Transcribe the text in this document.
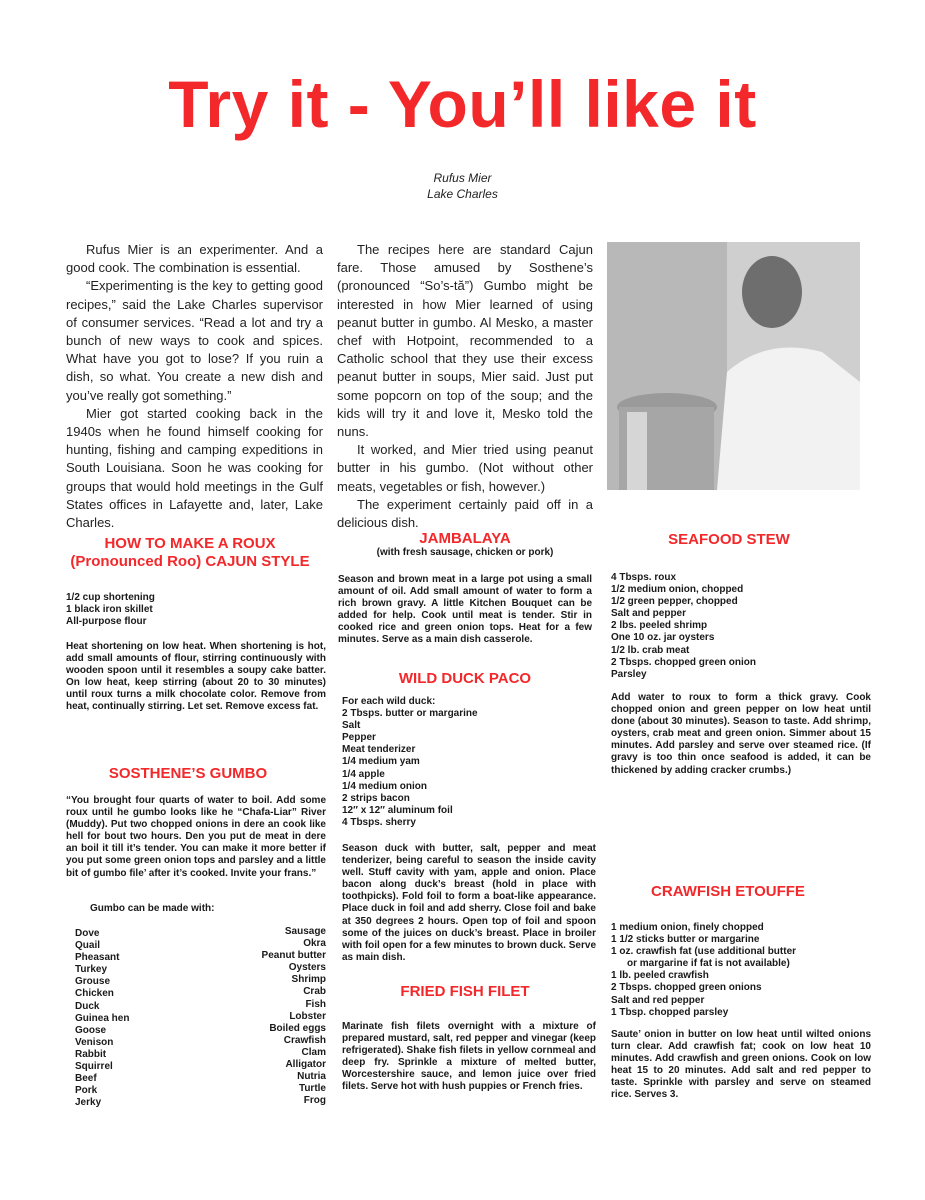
Try it - You’ll like it
Rufus Mier
Lake Charles

Rufus Mier is an experimenter. And a good cook. The combination is essential.

“Experimenting is the key to getting good recipes,” said the Lake Charles supervisor of consumer services. “Read a lot and try a bunch of new ways to cook and spices. What have you got to lose? If you ruin a dish, so what. You create a new dish and you’ve really got something.”

Mier got started cooking back in the 1940s when he found himself cooking for hunting, fishing and camping expeditions in South Louisiana. Soon he was cooking for groups that would hold meetings in the Gulf States offices in Lafayette and, later, Lake Charles.

The recipes here are standard Cajun fare. Those amused by Sosthene’s (pronounced “So’s-tă”) Gumbo might be interested in how Mier learned of using peanut butter in gumbo. Al Mesko, a master chef with Hotpoint, recommended to a Catholic school that they use their excess peanut butter in soups, Mier said. Just put some popcorn on top of the soup; and the kids will try it and love it, Mesko told the nuns.

It worked, and Mier tried using peanut butter in his gumbo. (Not without other meats, vegetables or fish, however.)

The experiment certainly paid off in a delicious dish.

HOW TO MAKE A ROUX
(Pronounced Roo) CAJUN STYLE
1/2 cup shortening
1 black iron skillet
All-purpose flour
Heat shortening on low heat. When shortening is hot, add small amounts of flour, stirring continuously with wooden spoon until it resembles a soupy cake batter. On low heat, keep stirring (about 20 to 30 minutes) until roux turns a milk chocolate color. Remove from heat, continually stirring. Let set. Remove excess fat.
SOSTHENE’S GUMBO
“You brought four quarts of water to boil. Add some roux until he gumbo looks like he “Chafa-Liar” River (Muddy). Put two chopped onions in dere an cook like hell for bout two hours. Den you put de meat in dere an boil it till it’s tender. You can make it more better if you put some green onion tops and parsley and a little bit of gumbo file’ after it’s cooked. Invite your frans.”
Gumbo can be made with:
Dove
Quail
Pheasant
Turkey
Grouse
Chicken
Duck
Guinea hen
Goose
Venison
Rabbit
Squirrel
Beef
Pork
Jerky
Sausage
Okra
Peanut butter
Oysters
Shrimp
Crab
Fish
Lobster
Boiled eggs
Crawfish
Clam
Alligator
Nutria
Turtle
Frog
JAMBALAYA
(with fresh sausage, chicken or pork)
Season and brown meat in a large pot using a small amount of oil. Add small amount of water to form a rich brown gravy. A little Kitchen Bouquet can be added for help. Cook until meat is tender. Stir in cooked rice and green onion tops. Heat for a few minutes. Serve as a main dish casserole.
WILD DUCK PACO
For each wild duck:
2 Tbsps. butter or margarine
Salt
Pepper
Meat tenderizer
1/4 medium yam
1/4 apple
1/4 medium onion
2 strips bacon
12″ x 12″ aluminum foil
4 Tbsps. sherry
Season duck with butter, salt, pepper and meat tenderizer, being careful to season the inside cavity well. Stuff cavity with yam, apple and onion. Place bacon along duck’s breast (hold in place with toothpicks). Fold foil to form a boat-like appearance. Place duck in foil and add sherry. Close foil and bake at 350 degrees 2 hours. Open top of foil and spoon some of the juices on duck’s breast. Place in broiler with foil open for a few minutes to brown duck. Serve as main dish.
FRIED FISH FILET
Marinate fish filets overnight with a mixture of prepared mustard, salt, red pepper and vinegar (keep refrigerated). Shake fish filets in yellow cornmeal and deep fry. Sprinkle a mixture of melted butter, Worcestershire sauce, and lemon juice over fried filets. Serve hot with hush puppies or French fries.
SEAFOOD STEW
4 Tbsps. roux
1/2 medium onion, chopped
1/2 green pepper, chopped
Salt and pepper
2 lbs. peeled shrimp
One 10 oz. jar oysters
1/2 lb. crab meat
2 Tbsps. chopped green onion
Parsley
Add water to roux to form a thick gravy. Cook chopped onion and green pepper on low heat until done (about 30 minutes). Season to taste. Add shrimp, oysters, crab meat and green onion. Simmer about 15 minutes. Add parsley and serve over steamed rice. (If gravy is too thin once seafood is added, it can be thickened by adding cracker crumbs.)
CRAWFISH ETOUFFE
1 medium onion, finely chopped
1 1/2 sticks butter or margarine
1 oz. crawfish fat (use additional butter
or margarine if fat is not available)
1 lb. peeled crawfish
2 Tbsps. chopped green onions
Salt and red pepper
1 Tbsp. chopped parsley
Saute’ onion in butter on low heat until wilted onions turn clear. Add crawfish fat; cook on low heat 10 minutes. Add crawfish and green onions. Cook on low heat 15 to 20 minutes. Add salt and red pepper to taste. Sprinkle with parsley and serve on steamed rice. Serves 3.
